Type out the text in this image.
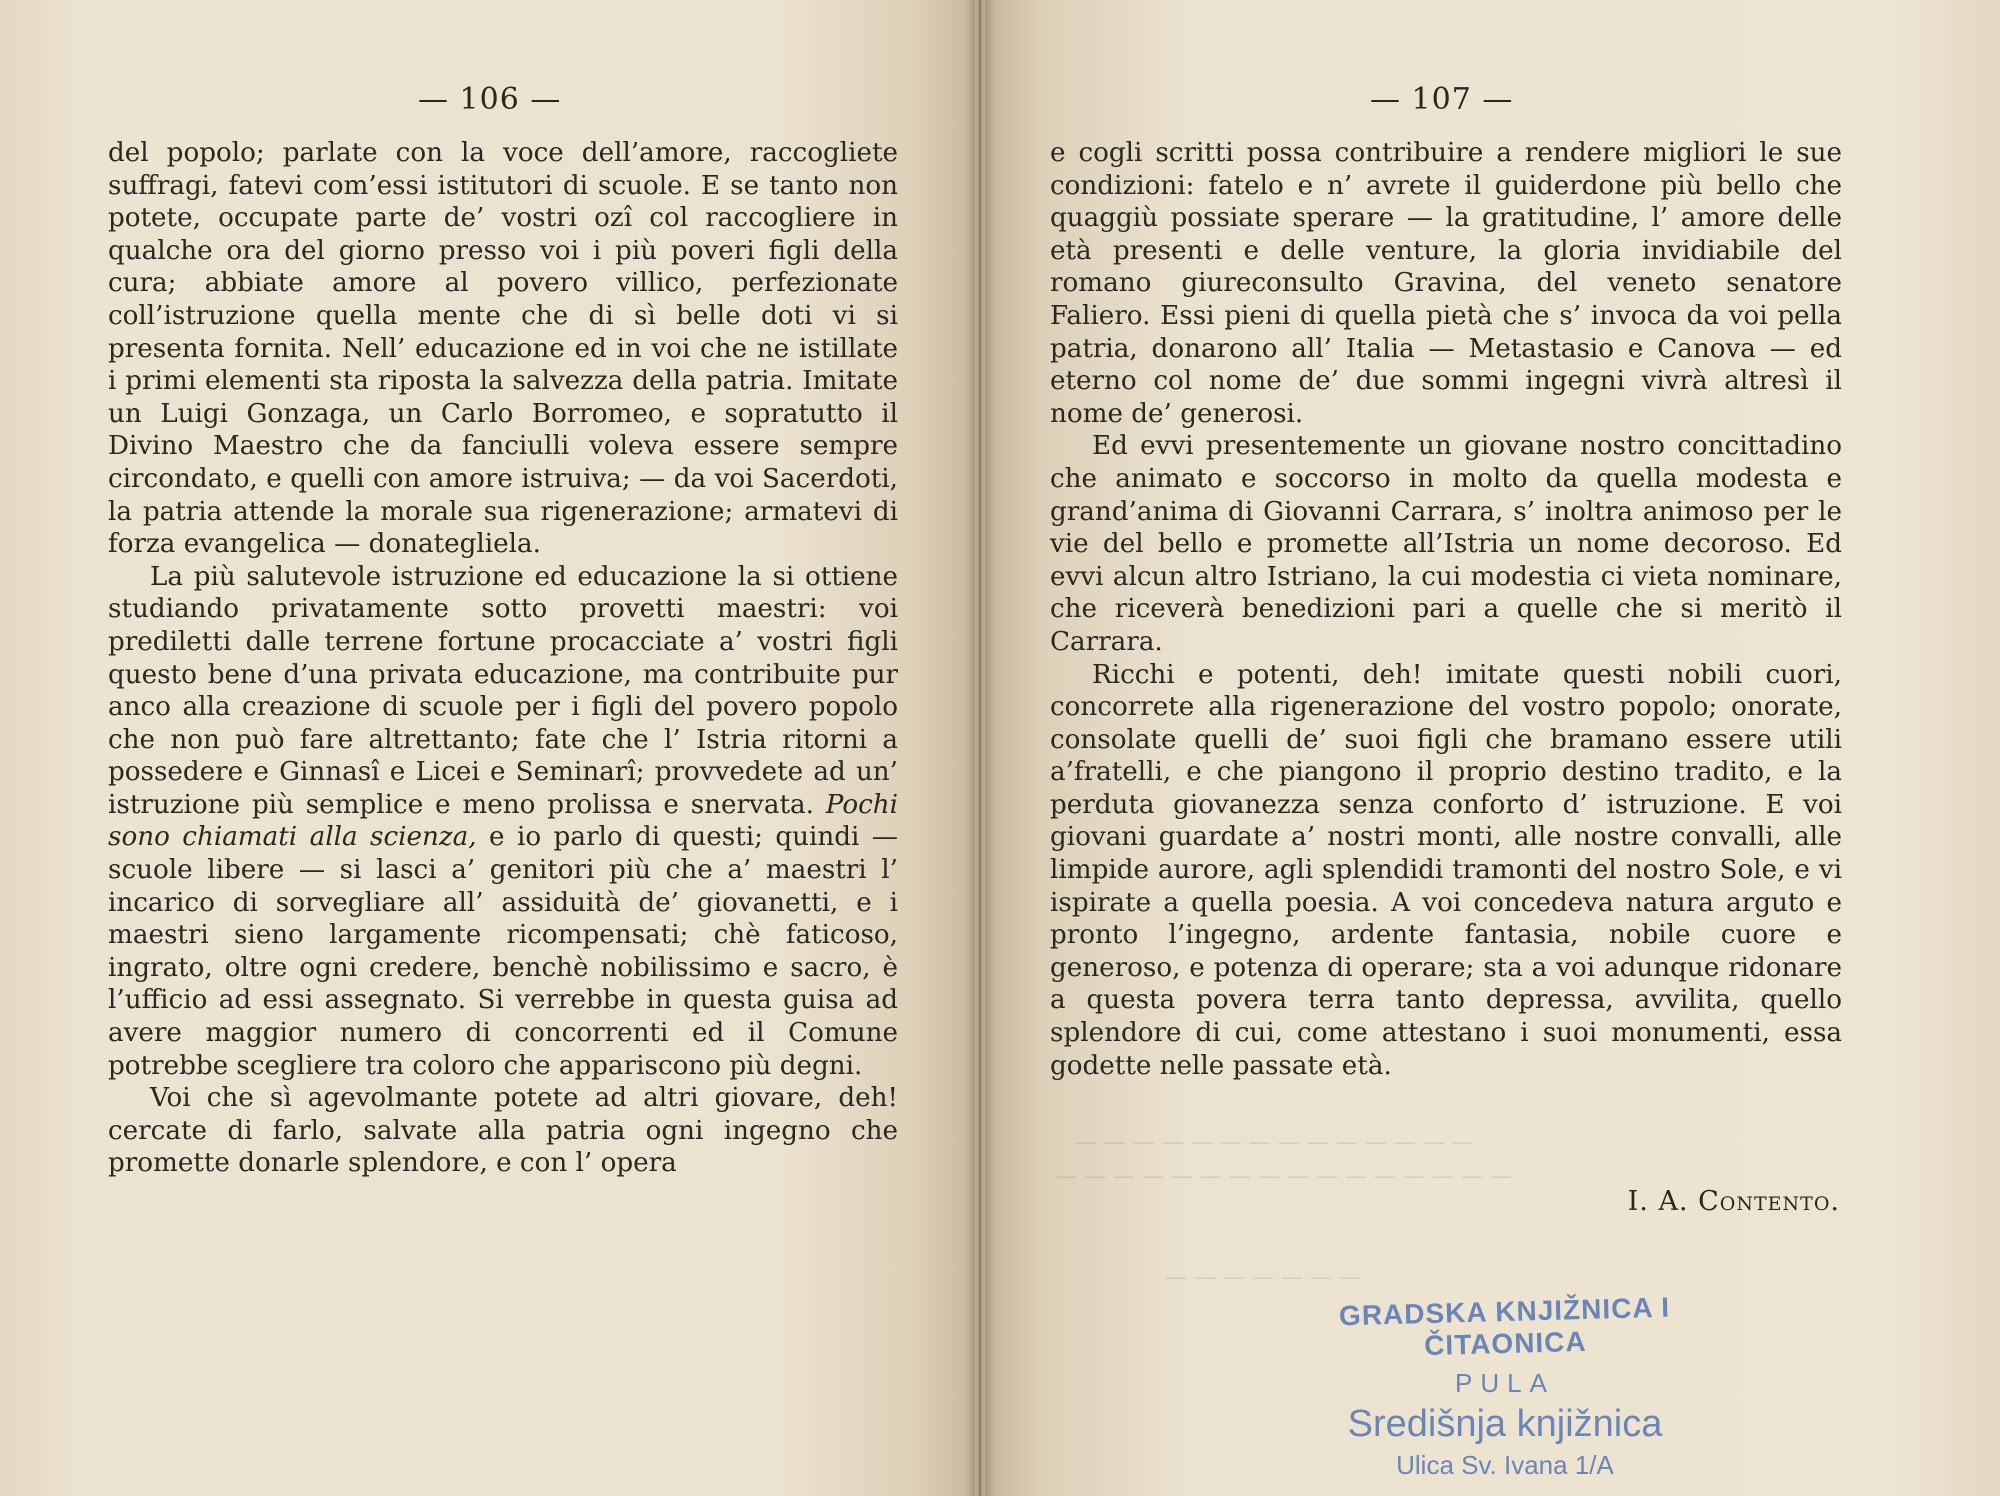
— 106 —

del popolo; parlate con la voce dell’amore, raccogliete suffragi, fatevi com’essi istitutori di scuole. E se tanto non potete, occupate parte de’ vostri ozî col raccogliere in qualche ora del giorno presso voi i più poveri figli della cura; abbiate amore al povero villico, perfezionate coll’istruzione quella mente che di sì belle doti vi si presenta fornita. Nell’ educazione ed in voi che ne istillate i primi elementi sta riposta la salvezza della patria. Imitate un Luigi Gonzaga, un Carlo Borromeo, e sopratutto il Divino Maestro che da fanciulli voleva essere sempre circondato, e quelli con amore istruiva; — da voi Sacerdoti, la patria attende la morale sua rigenerazione; armatevi di forza evangelica — donategliela.

La più salutevole istruzione ed educazione la si ottiene studiando privatamente sotto provetti maestri: voi prediletti dalle terrene fortune procacciate a’ vostri figli questo bene d’una privata educazione, ma contribuite pur anco alla creazione di scuole per i figli del povero popolo che non può fare altrettanto; fate che l’ Istria ritorni a possedere e Ginnasî e Licei e Seminarî; provvedete ad un’ istruzione più semplice e meno prolissa e snervata. Pochi sono chiamati alla scienza, e io parlo di questi; quindi — scuole libere — si lasci a’ genitori più che a’ maestri l’ incarico di sorvegliare all’ assiduità de’ giovanetti, e i maestri sieno largamente ricompensati; chè faticoso, ingrato, oltre ogni credere, benchè nobilissimo e sacro, è l’ufficio ad essi assegnato. Si verrebbe in questa guisa ad avere maggior numero di concorrenti ed il Comune potrebbe scegliere tra coloro che appariscono più degni.

Voi che sì agevolmante potete ad altri giovare, deh! cercate di farlo, salvate alla patria ogni ingegno che promette donarle splendore, e con l’ opera

— 107 —

e cogli scritti possa contribuire a rendere migliori le sue condizioni: fatelo e n’ avrete il guiderdone più bello che quaggiù possiate sperare — la gratitudine, l’ amore delle età presenti e delle venture, la gloria invidiabile del romano giureconsulto Gravina, del veneto senatore Faliero. Essi pieni di quella pietà che s’ invoca da voi pella patria, donarono all’ Italia — Metastasio e Canova — ed eterno col nome de’ due sommi ingegni vivrà altresì il nome de’ generosi.

Ed evvi presentemente un giovane nostro concittadino che animato e soccorso in molto da quella modesta e grand’anima di Giovanni Carrara, s’ inoltra animoso per le vie del bello e promette all’Istria un nome decoroso. Ed evvi alcun altro Istriano, la cui modestia ci vieta nominare, che riceverà benedizioni pari a quelle che si meritò il Carrara.

Ricchi e potenti, deh! imitate questi nobili cuori, concorrete alla rigenerazione del vostro popolo; onorate, consolate quelli de’ suoi figli che bramano essere utili a’fratelli, e che piangono il proprio destino tradito, e la perduta giovanezza senza conforto d’ istruzione. E voi giovani guardate a’ nostri monti, alle nostre convalli, alle limpide aurore, agli splendidi tramonti del nostro Sole, e vi ispirate a quella poesia. A voi concedeva natura arguto e pronto l’ingegno, ardente fantasia, nobile cuore e generoso, e potenza di operare; sta a voi adunque ridonare a questa povera terra tanto depressa, avvilita, quello splendore di cui, come attestano i suoi monumenti, essa godette nelle passate età.

— — — — — — — — — — — — — —
— — — — — — — — — — — — — — — —
— — — — — — —
I. A. Contento.
GRADSKA KNJIŽNICA I ČITAONICA
PULA
Središnja knjižnica
Ulica Sv. Ivana 1/A
